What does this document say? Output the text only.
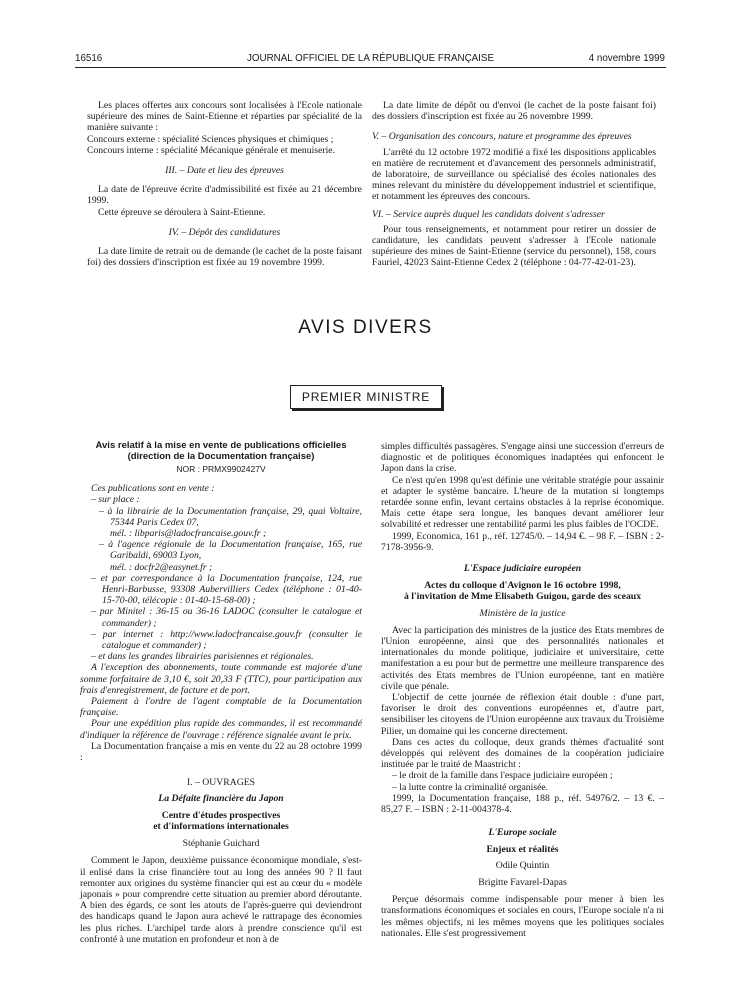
16516	JOURNAL OFFICIEL DE LA RÉPUBLIQUE FRANÇAISE	4 novembre 1999

Les places offertes aux concours sont localisées à l'Ecole nationale supérieure des mines de Saint-Etienne et réparties par spécialité de la manière suivante :

Concours externe : spécialité Sciences physiques et chimiques ;

Concours interne : spécialité Mécanique générale et menuiserie.

III. – Date et lieu des épreuves

La date de l'épreuve écrite d'admissibilité est fixée au 21 décembre 1999.

Cette épreuve se déroulera à Saint-Etienne.

IV. – Dépôt des candidatures

La date limite de retrait ou de demande (le cachet de la poste faisant foi) des dossiers d'inscription est fixée au 19 novembre 1999.

La date limite de dépôt ou d'envoi (le cachet de la poste faisant foi) des dossiers d'inscription est fixée au 26 novembre 1999.

V. – Organisation des concours, nature et programme des épreuves

L'arrêté du 12 octobre 1972 modifié a fixé les dispositions applicables en matière de recrutement et d'avancement des personnels administratif, de laboratoire, de surveillance ou spécialisé des écoles nationales des mines relevant du ministère du développement industriel et scientifique, et notamment les épreuves des concours.

VI. – Service auprès duquel les candidats doivent s'adresser

Pour tous renseignements, et notamment pour retirer un dossier de candidature, les candidats peuvent s'adresser à l'Ecole nationale supérieure des mines de Saint-Etienne (service du personnel), 158, cours Fauriel, 42023 Saint-Etienne Cedex 2 (téléphone : 04-77-42-01-23).

AVIS DIVERS
PREMIER MINISTRE

Avis relatif à la mise en vente de publications officielles (direction de la Documentation française)

NOR : PRMX9902427V

Ces publications sont en vente :

– sur place :

– à la librairie de la Documentation française, 29, quai Voltaire, 75344 Paris Cedex 07,

mél. : libparis@ladocfrancaise.gouv.fr ;

– à l'agence régionale de la Documentation française, 165, rue Garibaldi, 69003 Lyon,

mél. : docfr2@easynet.fr ;

– et par correspondance à la Documentation française, 124, rue Henri-Barbusse, 93308 Aubervilliers Cedex (téléphone : 01-40-15-70-00, télécopie : 01-40-15-68-00) ;

– par Minitel : 36-15 ou 36-16 LADOC (consulter le catalogue et commander) ;

– par internet : http://www.ladocfrancaise.gouv.fr (consulter le catalogue et commander) ;

– et dans les grandes librairies parisiennes et régionales.

A l'exception des abonnements, toute commande est majorée d'une somme forfaitaire de 3,10 €, soit 20,33 F (TTC), pour participation aux frais d'enregistrement, de facture et de port.

Paiement à l'ordre de l'agent comptable de la Documentation française.

Pour une expédition plus rapide des commandes, il est recommandé d'indiquer la référence de l'ouvrage : référence signalée avant le prix.

La Documentation française a mis en vente du 22 au 28 octobre 1999 :

I. – OUVRAGES

La Défaite financière du Japon

Centre d'études prospectives

et d'informations internationales

Stéphanie Guichard

Comment le Japon, deuxième puissance économique mondiale, s'est-il enlisé dans la crise financière tout au long des années 90 ? Il faut remonter aux origines du système financier qui est au cœur du « modèle japonais » pour comprendre cette situation au premier abord déroutante. A bien des égards, ce sont les atouts de l'après-guerre qui deviendront des handicaps quand le Japon aura achevé le rattrapage des économies les plus riches. L'archipel tarde alors à prendre conscience qu'il est confronté à une mutation en profondeur et non à de

simples difficultés passagères. S'engage ainsi une succession d'erreurs de diagnostic et de politiques économiques inadaptées qui enfoncent le Japon dans la crise.

Ce n'est qu'en 1998 qu'est définie une véritable stratégie pour assainir et adapter le système bancaire. L'heure de la mutation si longtemps retardée sonne enfin, levant certains obstacles à la reprise économique. Mais cette étape sera longue, les banques devant améliorer leur solvabilité et redresser une rentabilité parmi les plus faibles de l'OCDE.

1999, Economica, 161 p., réf. 12745/0. – 14,94 €. – 98 F. – ISBN : 2-7178-3956-9.

L'Espace judiciaire européen

Actes du colloque d'Avignon le 16 octobre 1998,

à l'invitation de Mme Elisabeth Guigou, garde des sceaux

Ministère de la justice

Avec la participation des ministres de la justice des Etats membres de l'Union européenne, ainsi que des personnalités nationales et internationales du monde politique, judiciaire et universitaire, cette manifestation a eu pour but de permettre une meilleure transparence des activités des Etats membres de l'Union européenne, tant en matière civile que pénale.

L'objectif de cette journée de réflexion était double : d'une part, favoriser le droit des conventions européennes et, d'autre part, sensibiliser les citoyens de l'Union européenne aux travaux du Troisième Pilier, un domaine qui les concerne directement.

Dans ces actes du colloque, deux grands thèmes d'actualité sont développés qui relèvent des domaines de la coopération judiciaire instituée par le traité de Maastricht :

– le droit de la famille dans l'espace judiciaire européen ;

– la lutte contre la criminalité organisée.

1999, la Documentation française, 188 p., réf. 54976/2. – 13 €. – 85,27 F. – ISBN : 2-11-004378-4.

L'Europe sociale

Enjeux et réalités

Odile Quintin

Brigitte Favarel-Dapas

Perçue désormais comme indispensable pour mener à bien les transformations économiques et sociales en cours, l'Europe sociale n'a ni les mêmes objectifs, ni les mêmes moyens que les politiques sociales nationales. Elle s'est progressivement
